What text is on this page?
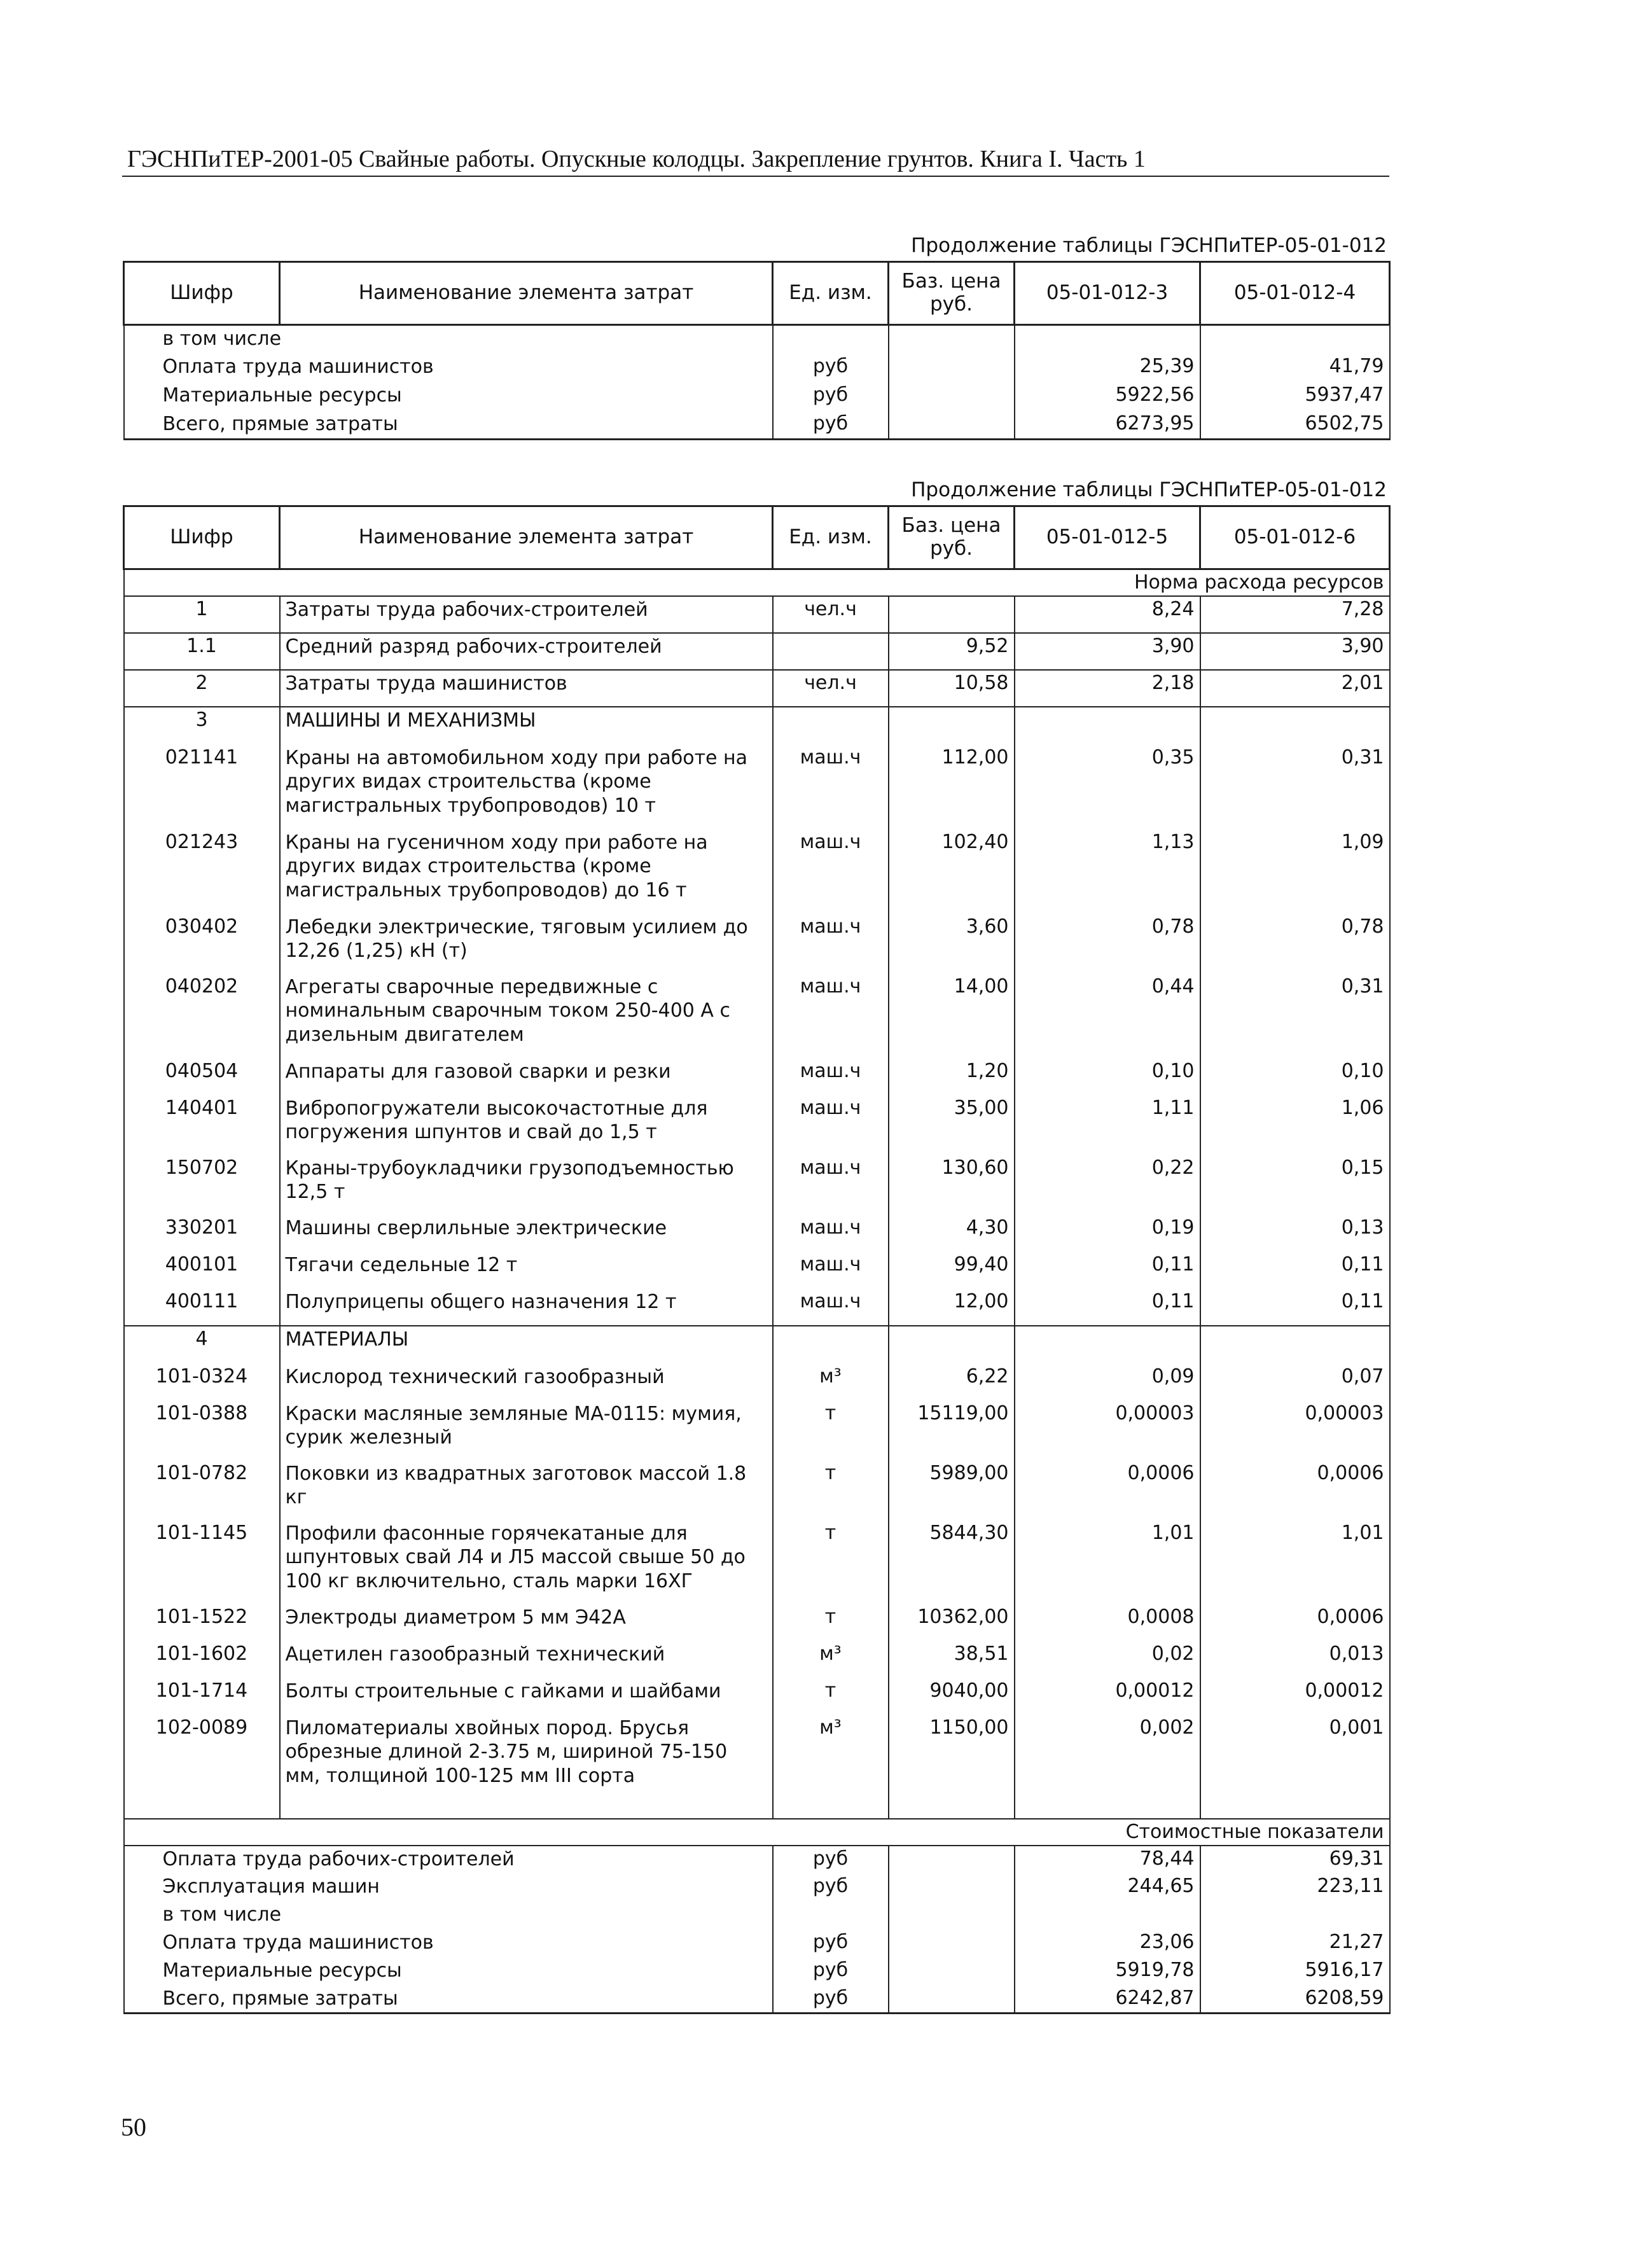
ГЭСНПиТЕР-2001-05 Свайные работы. Опускные колодцы. Закрепление грунтов. Книга I. Часть 1
Продолжение таблицы ГЭСНПиТЕР-05-01-012
Шифр	Наименование элемента затрат	Ед. изм.	Баз. цена руб.	05-01-012-3	05-01-012-4
в том числе					
Оплата труда машинистов		руб		25,39	41,79
Материальные ресурсы		руб		5922,56	5937,47
Всего, прямые затраты		руб		6273,95	6502,75
Продолжение таблицы ГЭСНПиТЕР-05-01-012
Шифр	Наименование элемента затрат	Ед. изм.	Баз. цена руб.	05-01-012-5	05-01-012-6
Норма расхода ресурсов					
1	Затраты труда рабочих-строителей	чел.ч		8,24	7,28
1.1	Средний разряд рабочих-строителей		9,52	3,90	3,90
2	Затраты труда машинистов	чел.ч	10,58	2,18	2,01
3	МАШИНЫ И МЕХАНИЗМЫ				
021141	Краны на автомобильном ходу при работе на других видах строительства (кроме магистральных трубопроводов) 10 т	маш.ч	112,00	0,35	0,31
021243	Краны на гусеничном ходу при работе на других видах строительства (кроме магистральных трубопроводов) до 16 т	маш.ч	102,40	1,13	1,09
030402	Лебедки электрические, тяговым усилием до 12,26 (1,25) кН (т)	маш.ч	3,60	0,78	0,78
040202	Агрегаты сварочные передвижные с номинальным сварочным током 250-400 А с дизельным двигателем	маш.ч	14,00	0,44	0,31
040504	Аппараты для газовой сварки и резки	маш.ч	1,20	0,10	0,10
140401	Вибропогружатели высокочастотные для погружения шпунтов и свай до 1,5 т	маш.ч	35,00	1,11	1,06
150702	Краны-трубоукладчики грузоподъемностью 12,5 т	маш.ч	130,60	0,22	0,15
330201	Машины сверлильные электрические	маш.ч	4,30	0,19	0,13
400101	Тягачи седельные 12 т	маш.ч	99,40	0,11	0,11
400111	Полуприцепы общего назначения 12 т	маш.ч	12,00	0,11	0,11
4	МАТЕРИАЛЫ				
101-0324	Кислород технический газообразный	м³	6,22	0,09	0,07
101-0388	Краски масляные земляные МА-0115: мумия, сурик железный	т	15119,00	0,00003	0,00003
101-0782	Поковки из квадратных заготовок массой 1.8 кг	т	5989,00	0,0006	0,0006
101-1145	Профили фасонные горячекатаные для шпунтовых свай Л4 и Л5 массой свыше 50 до 100 кг включительно, сталь марки 16ХГ	т	5844,30	1,01	1,01
101-1522	Электроды диаметром 5 мм Э42А	т	10362,00	0,0008	0,0006
101-1602	Ацетилен газообразный технический	м³	38,51	0,02	0,013
101-1714	Болты строительные с гайками и шайбами	т	9040,00	0,00012	0,00012
102-0089	Пиломатериалы хвойных пород. Брусья обрезные длиной 2-3.75 м, шириной 75-150 мм, толщиной 100-125 мм III сорта	м³	1150,00	0,002	0,001

Стоимостные показатели					
Оплата труда рабочих-строителей		руб		78,44	69,31
Эксплуатация машин		руб		244,65	223,11
в том числе					
Оплата труда машинистов		руб		23,06	21,27
Материальные ресурсы		руб		5919,78	5916,17
Всего, прямые затраты		руб		6242,87	6208,59
50
